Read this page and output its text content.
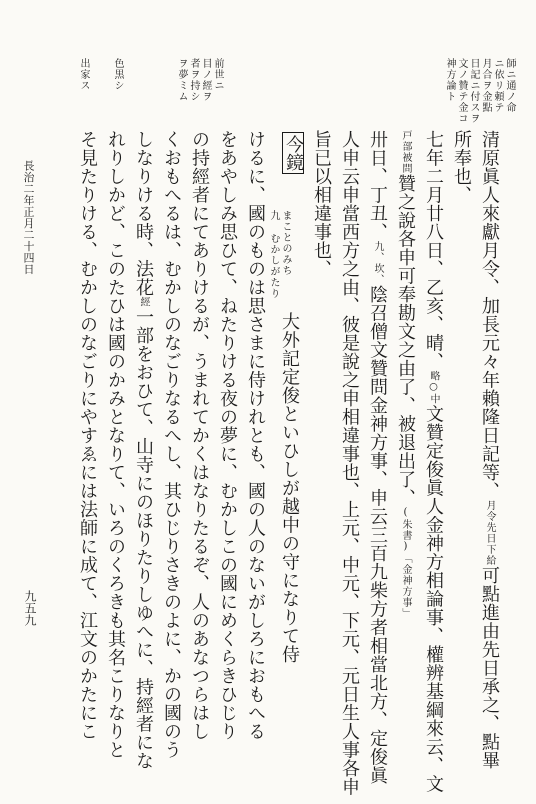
師ニ通ノ命
ニ依リ頼テ
月合ヲ金點
日記ニ付スヲ
文ノ贊テ金コ
神方論ト
前世ニ
目ノ經ヲ
者ヲ持シ
ヲ夢ミム
色黒シ
出家ス
清原眞人來獻月令、加長元々年賴隆日記等、月令先日下給可點進由先日承之、點畢
所奉也、
七年二月廿八日、乙亥、晴、略○中文贊定俊眞人金神方相論事、權辨基綱來云、文
戸部被問贊之說各申可奉勘文之由了、被退出了、(朱書)「金神方事」
卅日、丁丑、九、坎、陰召僧文贊問金神方事、申云三百九柴方者相當北方、定俊眞
人申云申當西方之由、彼是說之申相違事也、上元、中元、下元、元日生人事各申
旨已以相違事也、
今鏡
九 むかしがたり まことのみち
大外記定俊といひしが越中の守になりて侍
けるに、國のものは思さまに侍けれとも、國の人のないがしろにおもへる
をあやしみ思ひて、ねたりける夜の夢に、むかしこの國にめくらきひじり
の持經者にてありけるが、うまれてかくはなりたるぞ、人のあなつらはし
くおもへるは、むかしのなごりなるへし、其ひじりさきのよに、かの國のう
しなりける時、法花經一部をおひて、山寺にのほりたりしゆへに、持經者にな
れりしかど、このたひは國のかみとなりて、いろのくろきも其名こりなりと
そ見たりける、むかしのなごりにやすゑには法師に成て、江文のかたにこ
長治二年正月二十四日
九五九
